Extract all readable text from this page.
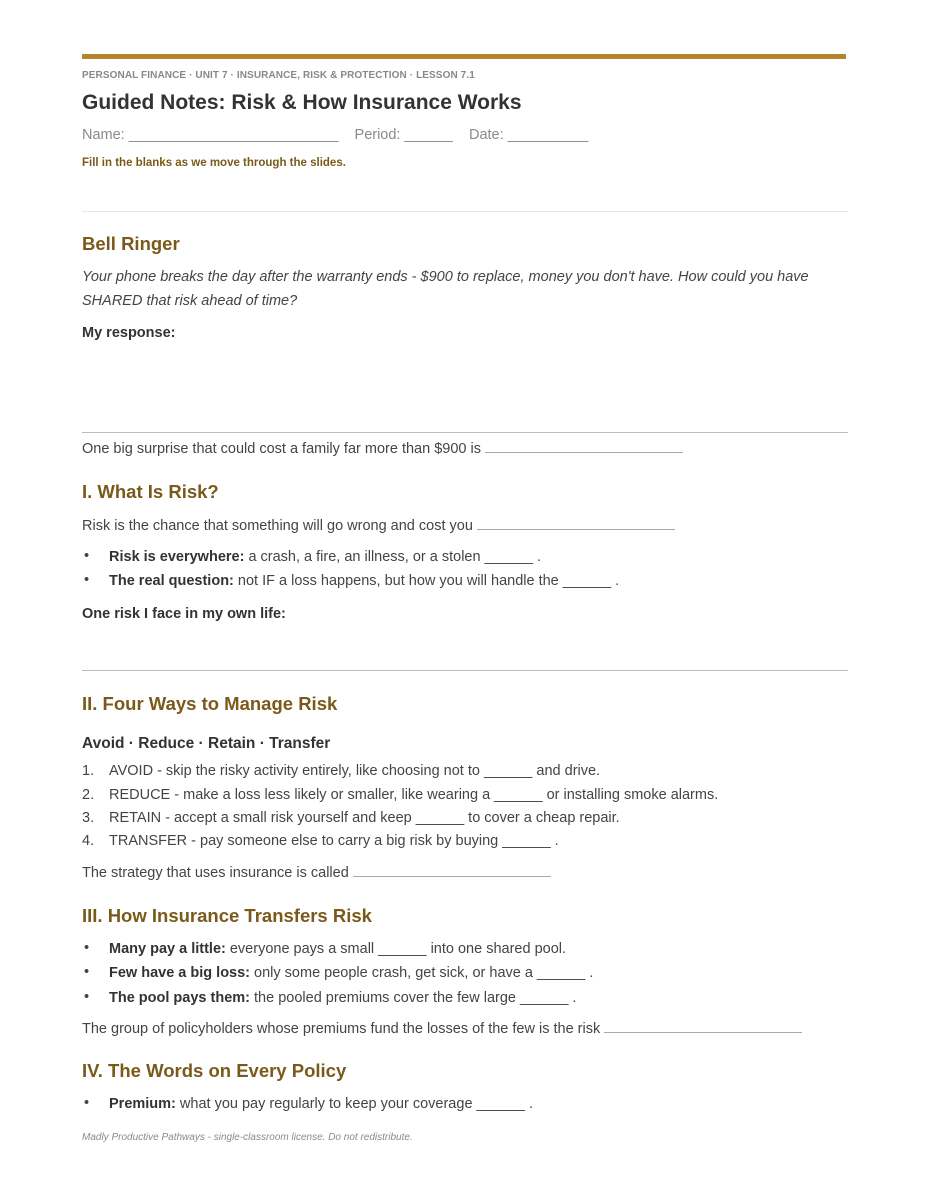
PERSONAL FINANCE · UNIT 7 · INSURANCE, RISK & PROTECTION · LESSON 7.1
Guided Notes: Risk & How Insurance Works
Name: __________________________    Period: ______    Date: __________
Fill in the blanks as we move through the slides.
Bell Ringer
Your phone breaks the day after the warranty ends - $900 to replace, money you don't have. How could you have SHARED that risk ahead of time?
My response:
One big surprise that could cost a family far more than $900 is
I. What Is Risk?
Risk is the chance that something will go wrong and cost you
• Risk is everywhere: a crash, a fire, an illness, or a stolen ______ .
• The real question: not IF a loss happens, but how you will handle the ______ .
One risk I face in my own life:
II. Four Ways to Manage Risk
Avoid · Reduce · Retain · Transfer
1. AVOID - skip the risky activity entirely, like choosing not to ______ and drive.
2. REDUCE - make a loss less likely or smaller, like wearing a ______ or installing smoke alarms.
3. RETAIN - accept a small risk yourself and keep ______ to cover a cheap repair.
4. TRANSFER - pay someone else to carry a big risk by buying ______ .
The strategy that uses insurance is called
III. How Insurance Transfers Risk
• Many pay a little: everyone pays a small ______ into one shared pool.
• Few have a big loss: only some people crash, get sick, or have a ______ .
• The pool pays them: the pooled premiums cover the few large ______ .
The group of policyholders whose premiums fund the losses of the few is the risk
IV. The Words on Every Policy
• Premium: what you pay regularly to keep your coverage ______ .
Madly Productive Pathways - single-classroom license. Do not redistribute.
